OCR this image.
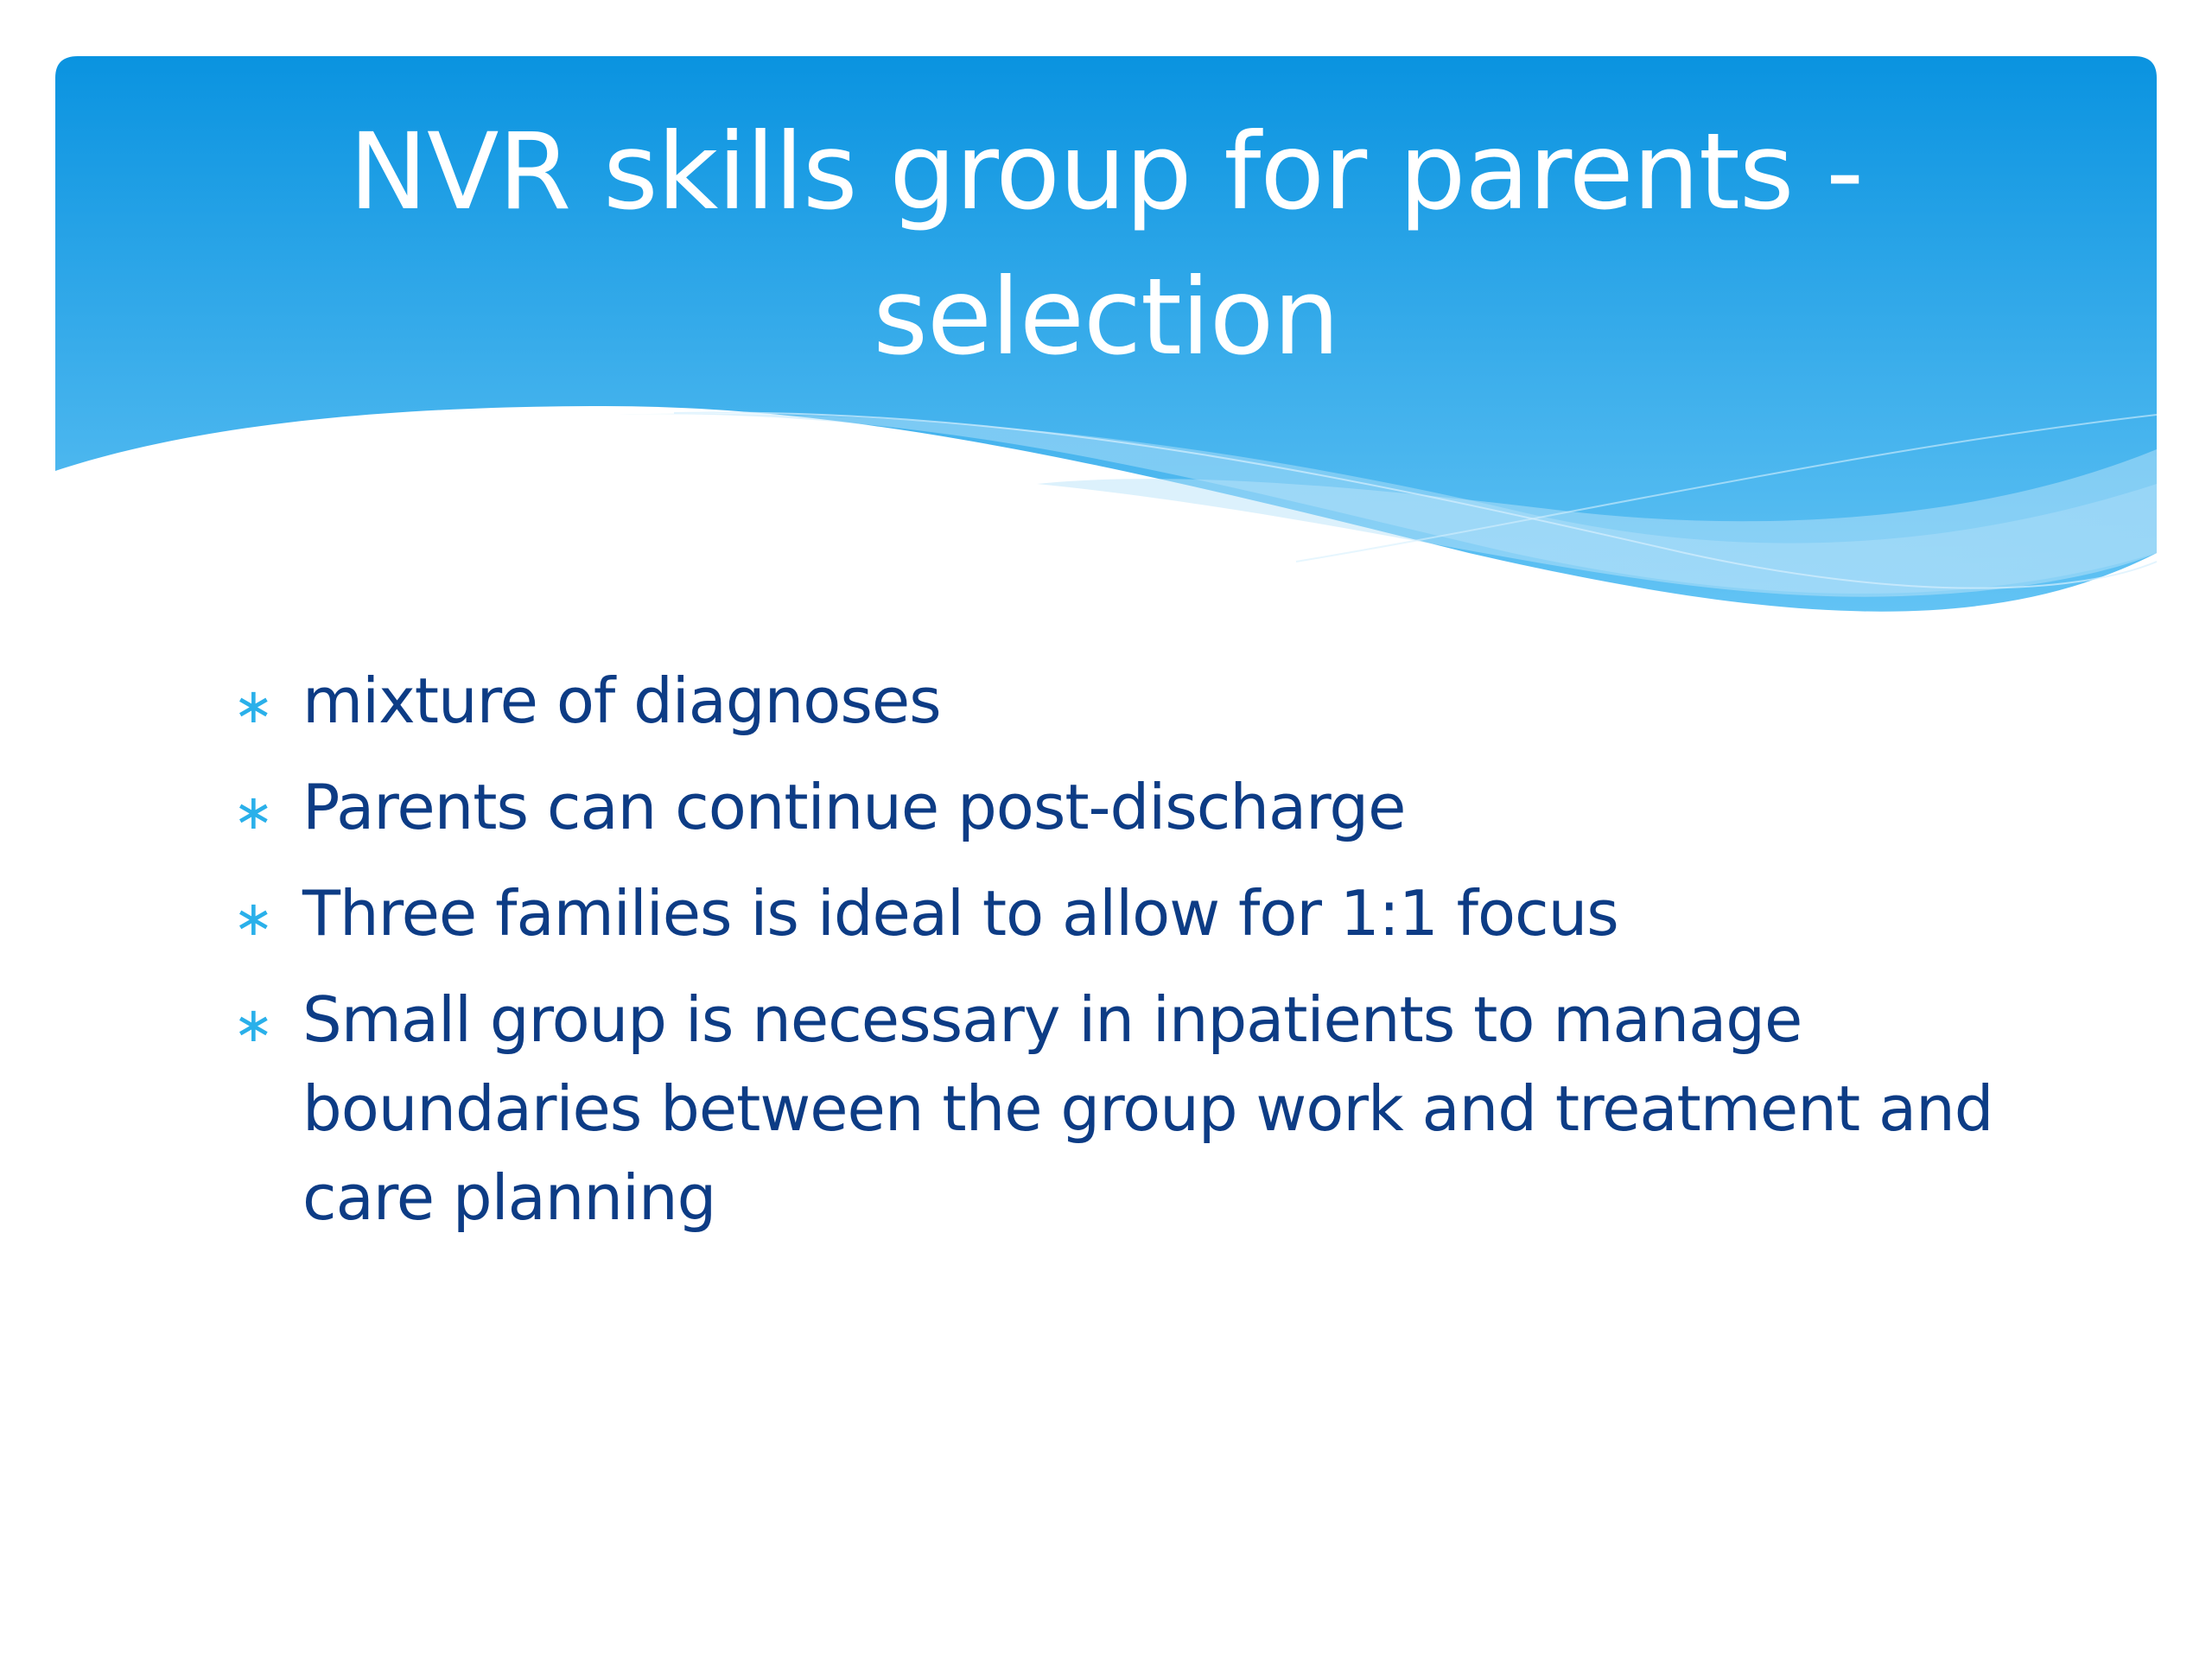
NVR skills group for parents - selection
∗ mixture of diagnoses
∗ Parents can continue post-discharge
∗ Three families is ideal to allow for 1:1 focus
∗ Small group is necessary in inpatients to manage boundaries between the group work and treatment and care planning
